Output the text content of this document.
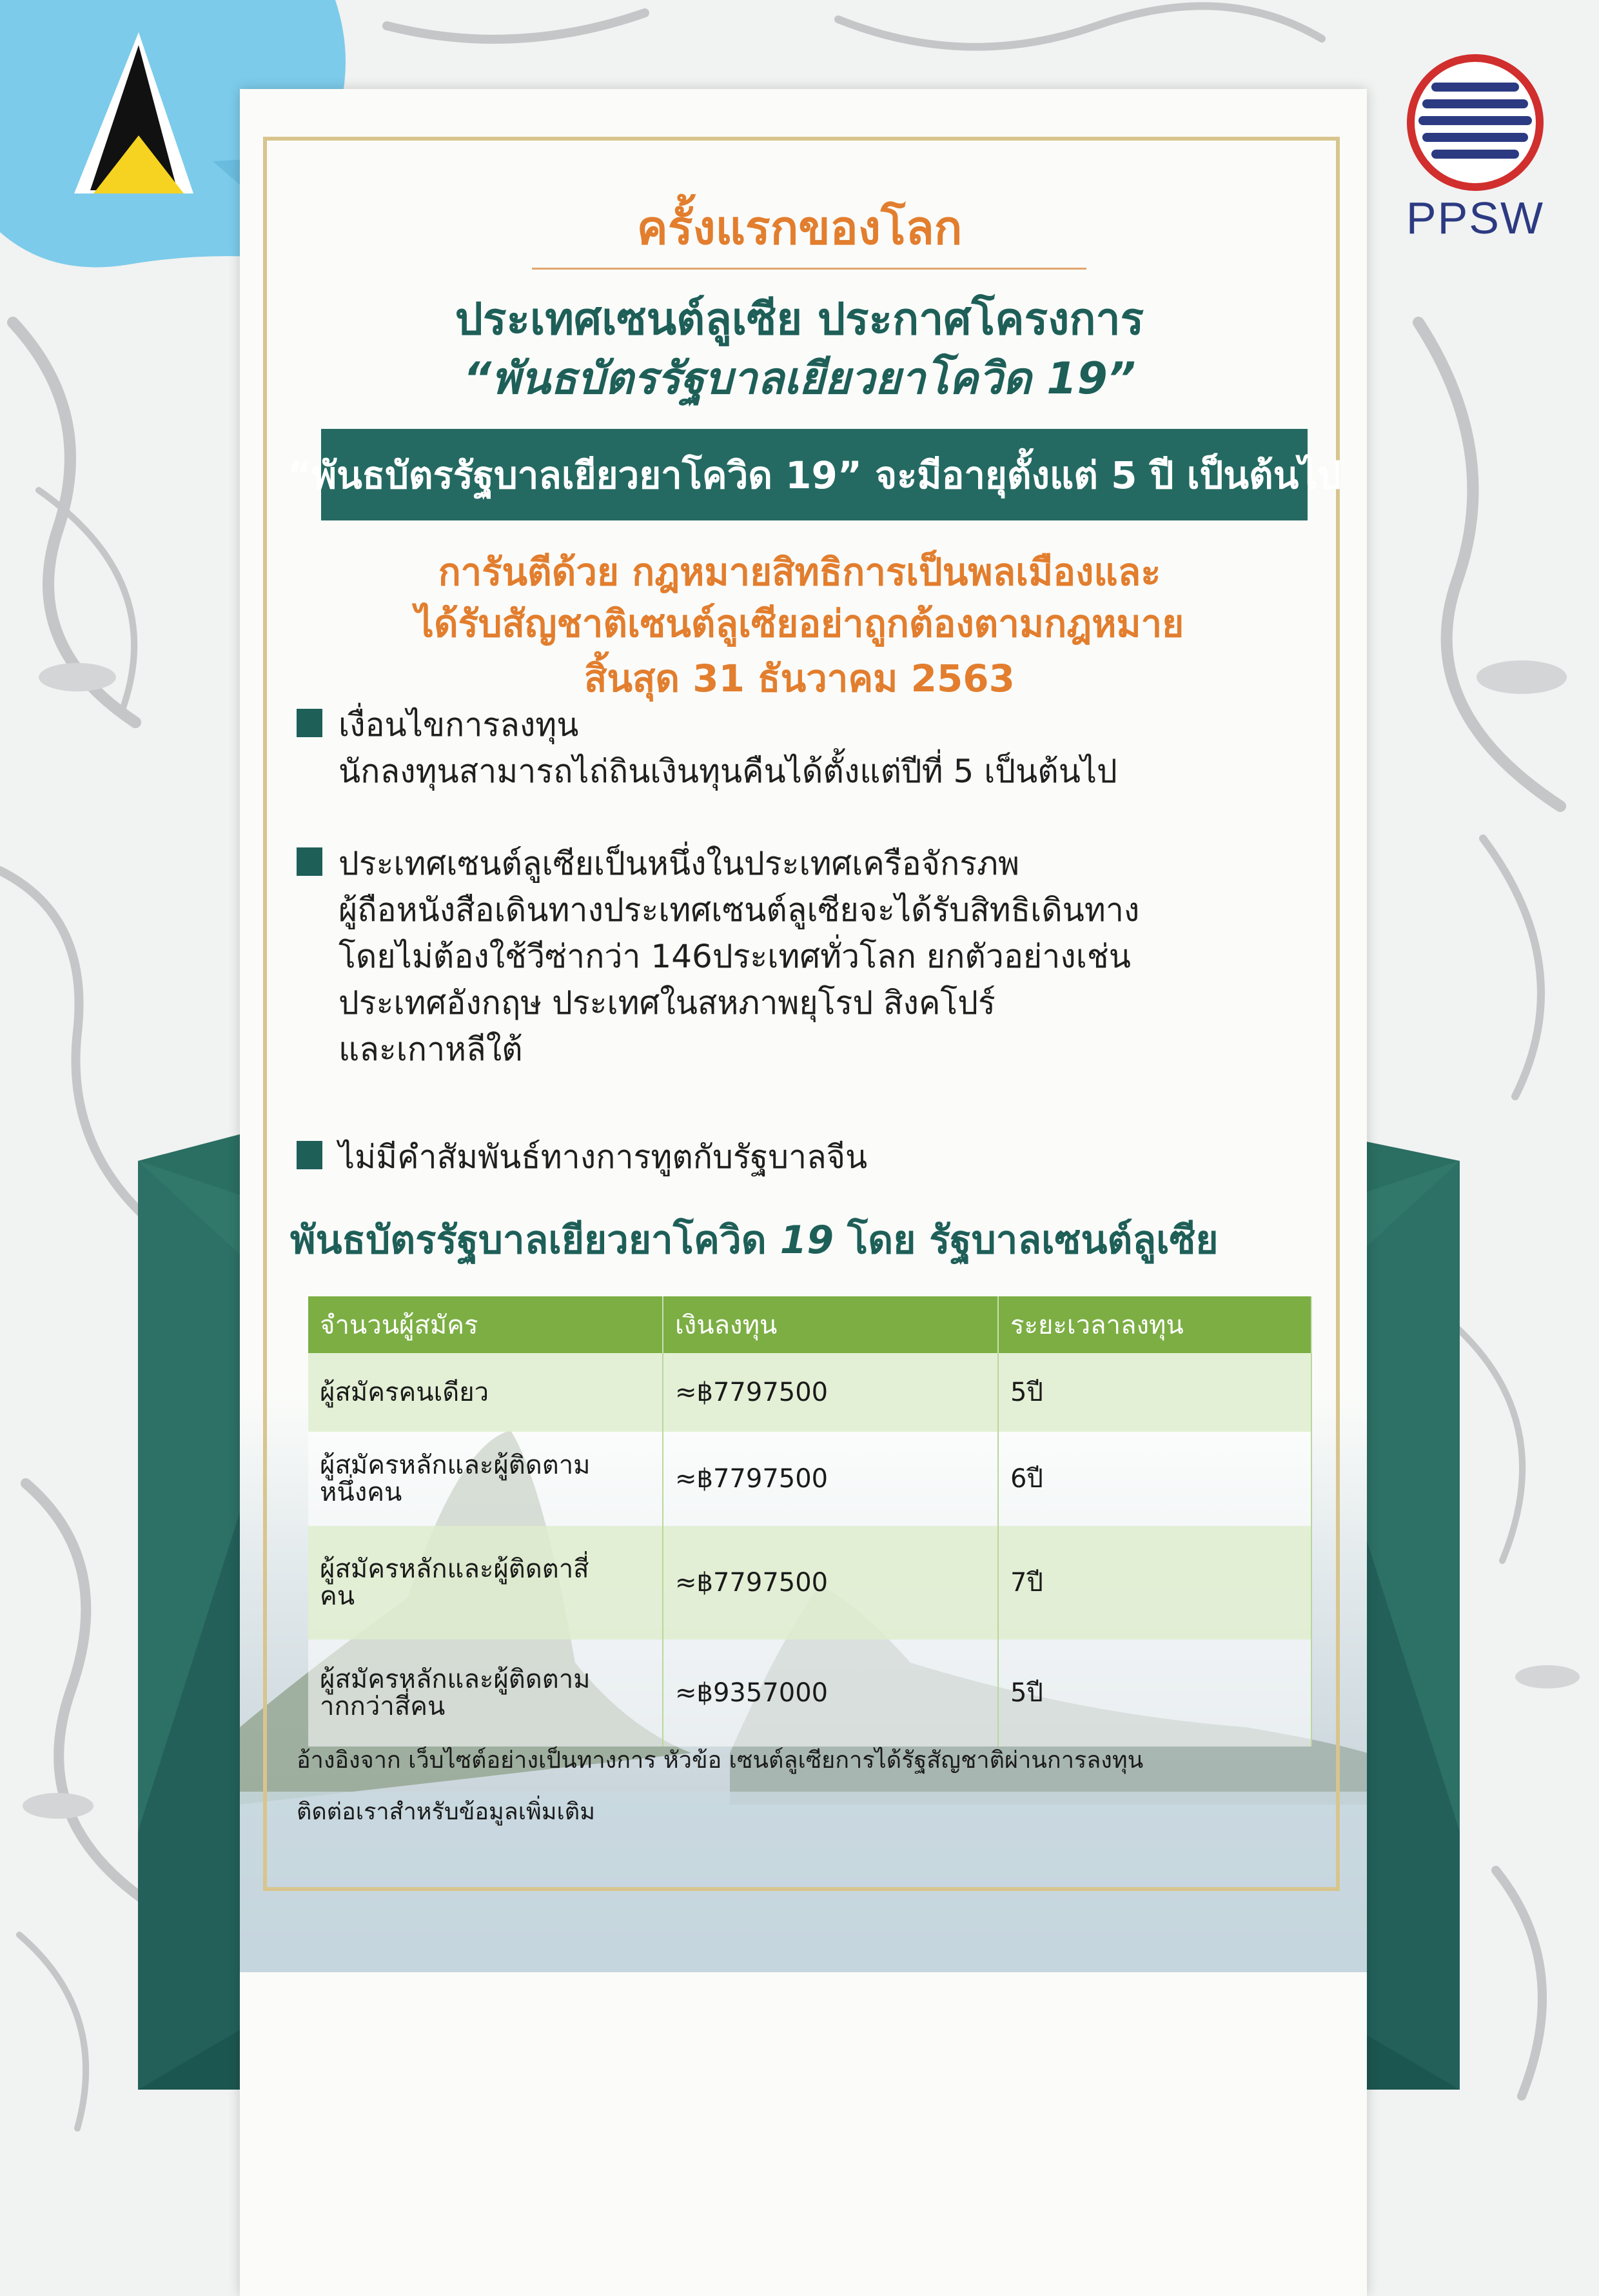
PPSW
ครั้งแรกของโลก
ประเทศเซนต์ลูเซีย ประกาศโครงการ
“พันธบัตรรัฐบาลเยียวยาโควิด 19”
“พันธบัตรรัฐบาลเยียวยาโควิด 19” จะมีอายุตั้งแต่ 5 ปี เป็นต้นไป
การันตีด้วย กฎหมายสิทธิการเป็นพลเมืองและ
ได้รับสัญชาติเซนต์ลูเซียอย่าถูกต้องตามกฎหมาย
สิ้นสุด 31 ธันวาคม 2563
เงื่อนไขการลงทุน
นักลงทุนสามารถไถ่ถินเงินทุนคืนได้ตั้งแต่ปีที่ 5 เป็นต้นไป
ประเทศเซนต์ลูเซียเป็นหนึ่งในประเทศเครือจักรภพ
ผู้ถือหนังสือเดินทางประเทศเซนต์ลูเซียจะได้รับสิทธิเดินทาง
โดยไม่ต้องใช้วีซ่ากว่า 146ประเทศทั่วโลก ยกตัวอย่างเช่น
ประเทศอังกฤษ ประเทศในสหภาพยุโรป สิงคโปร์
และเกาหลีใต้
ไม่มีคำสัมพันธ์ทางการทูตกับรัฐบาลจีน
พันธบัตรรัฐบาลเยียวยาโควิด 19 โดย รัฐบาลเซนต์ลูเซีย
จำนวนผู้สมัคร	เงินลงทุน	ระยะเวลาลงทุน

ผู้สมัครคนเดียว	≈฿7797500	5ปี

ผู้สมัครหลักและผู้ติดตาม
หนึ่งคน	≈฿7797500	6ปี

ผู้สมัครหลักและผู้ติดตาสี่
คน	≈฿7797500	7ปี

ผู้สมัครหลักและผู้ติดตาม
ากกว่าสี่คน	≈฿9357000	5ปี
อ้างอิงจาก เว็บไซต์อย่างเป็นทางการ หัวข้อ เซนต์ลูเซียการได้รัฐสัญชาติผ่านการลงทุน
ติดต่อเราสำหรับข้อมูลเพิ่มเติม
